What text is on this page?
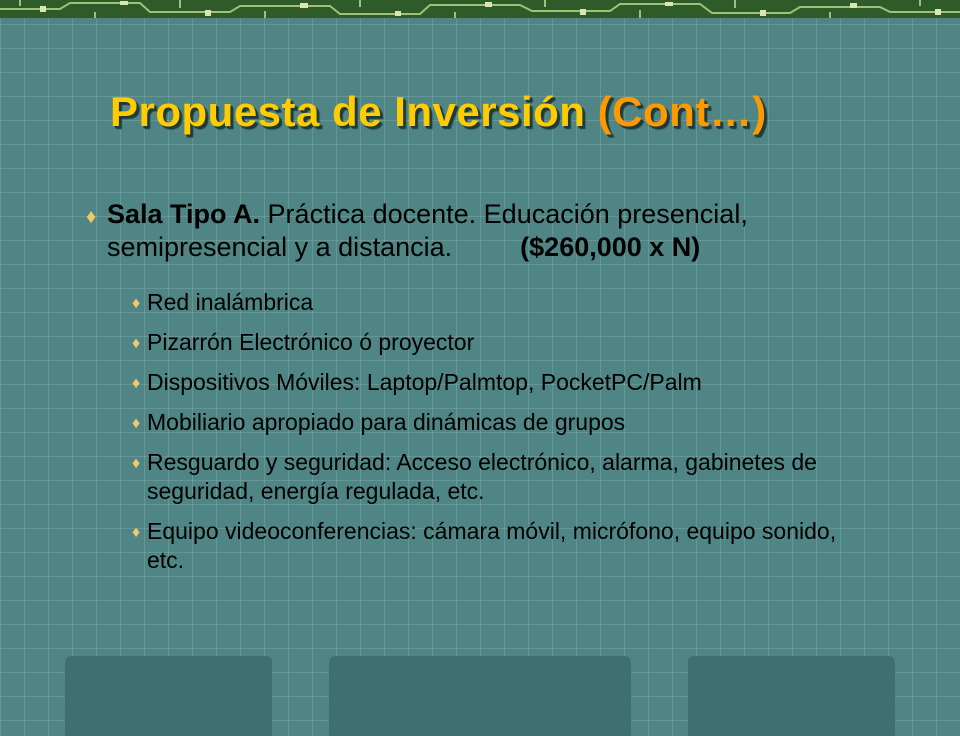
Propuesta de Inversión (Cont…)
♦ Sala Tipo A. Práctica docente. Educación presencial, semipresencial y a distancia.	($260,000 x N)
♦ Red inalámbrica
♦ Pizarrón Electrónico ó proyector
♦ Dispositivos Móviles: Laptop/Palmtop, PocketPC/Palm
♦ Mobiliario apropiado para dinámicas de grupos
♦ Resguardo y seguridad: Acceso electrónico, alarma, gabinetes de seguridad, energía regulada, etc.
♦ Equipo videoconferencias: cámara móvil, micrófono, equipo sonido, etc.
